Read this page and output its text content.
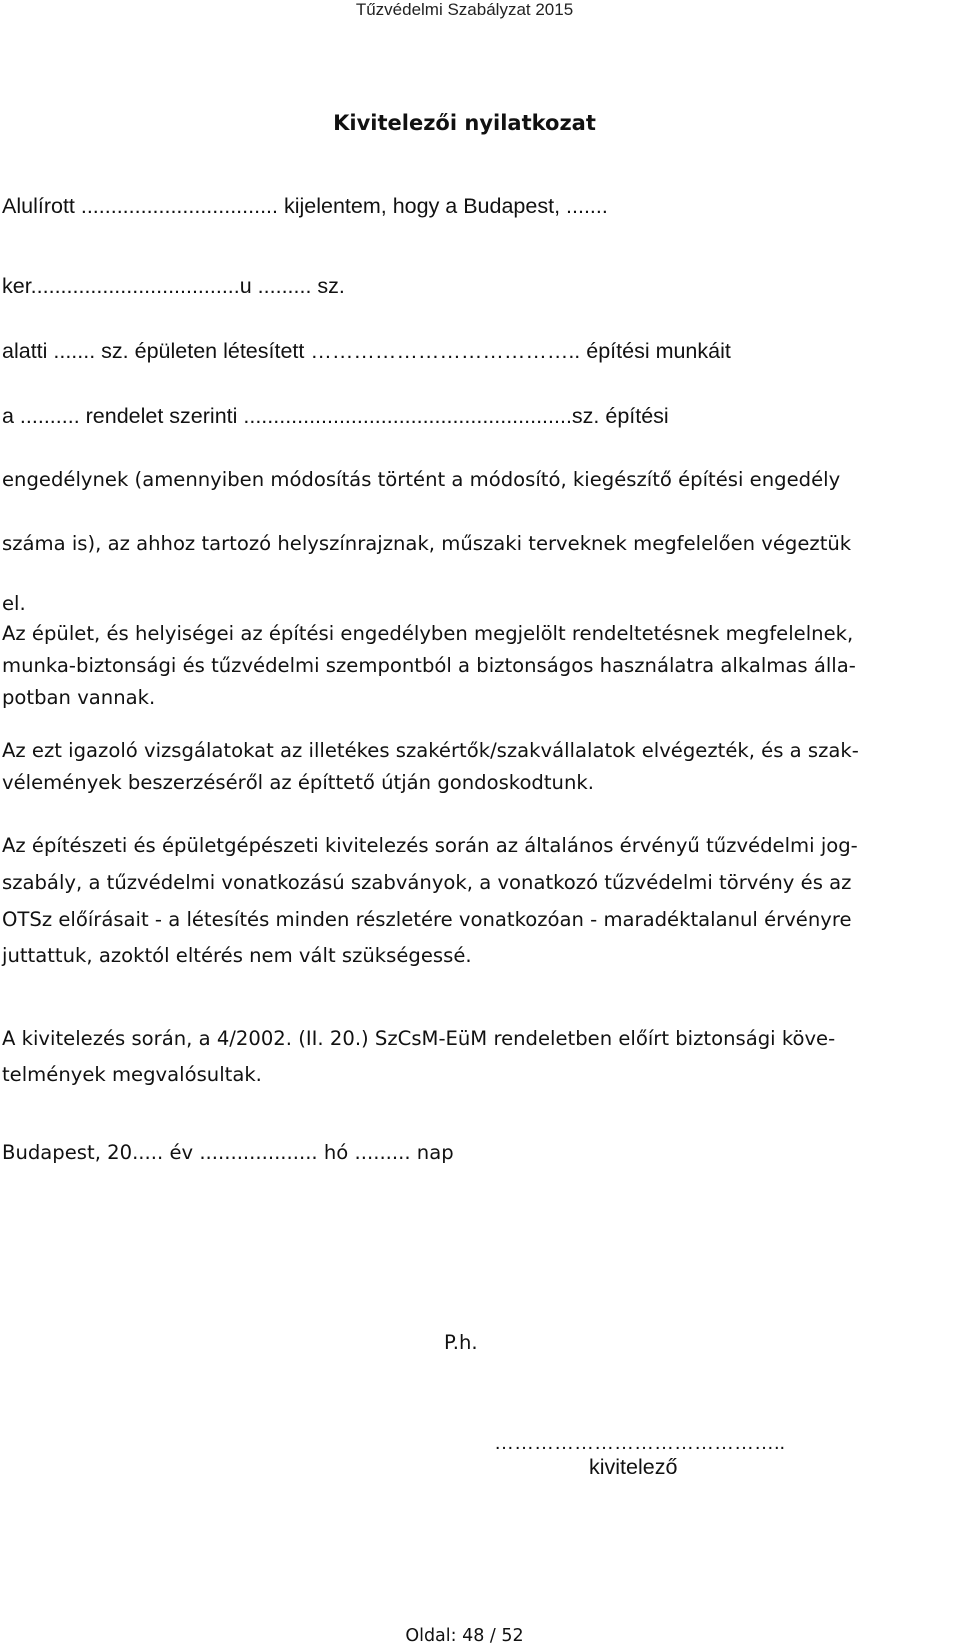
Tűzvédelmi Szabályzat 2015
Kivitelezői nyilatkozat
Alulírott ................................. kijelentem, hogy a Budapest, .......
ker...................................u ......... sz.
alatti ....... sz. épületen létesített ……………………………….. építési munkáit
a .......... rendelet szerinti .......................................................sz. építési
engedélynek (amennyiben módosítás történt a módosító, kiegészítő építési engedély
száma is), az ahhoz tartozó helyszínrajznak, műszaki terveknek megfelelően végeztük
el.
Az épület, és helyiségei az építési engedélyben megjelölt rendeltetésnek megfelelnek,
munka-biztonsági és tűzvédelmi szempontból a biztonságos használatra alkalmas álla-
potban vannak.
Az ezt igazoló vizsgálatokat az illetékes szakértők/szakvállalatok elvégezték, és a szak-
vélemények beszerzéséről az építtető útján gondoskodtunk.
Az építészeti és épületgépészeti kivitelezés során az általános érvényű tűzvédelmi jog-
szabály, a tűzvédelmi vonatkozású szabványok, a vonatkozó tűzvédelmi törvény és az
OTSz előírásait - a létesítés minden részletére vonatkozóan - maradéktalanul érvényre
juttattuk, azoktól eltérés nem vált szükségessé.
A kivitelezés során, a 4/2002. (II. 20.) SzCsM-EüM rendeletben előírt biztonsági köve-
telmények megvalósultak.
Budapest, 20..... év ................... hó ......... nap
P.h.
……………………………………..
kivitelező
Oldal: 48 / 52
